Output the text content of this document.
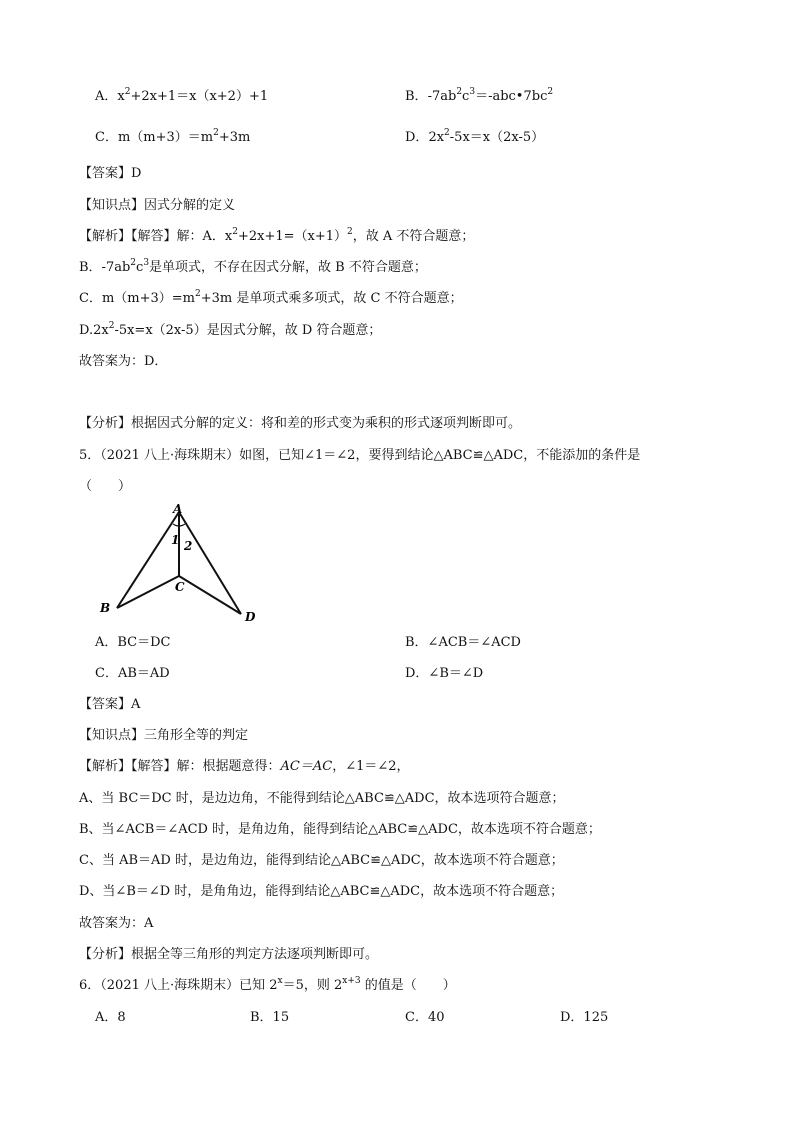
A．$x^2+2x+1=x(x+2)+1$	B．$-7ab^2c^3=-abc•7bc^2$
C．$m(m+3)=m^2+3m$	D．$2x^2-5x=x(2x-5)$
【答案】D
【知识点】因式分解的定义
【解析】【解答】解：A．$x^2+2x+1=(x+1)^2$，故 A 不符合题意；
B．$-7ab^2c^3$是单项式，不存在因式分解，故 B 不符合题意；
C．$m(m+3)=m^2+3m$ 是单项式乘多项式，故 C 不符合题意；
$D.2x^2-5x=x(2x-5)$是因式分解，故 D 符合题意；
故答案为：D．
【分析】根据因式分解的定义：将和差的形式变为乘积的形式逐项判断即可。
5．（2021 八上·海珠期末）如图，已知∠1＝∠2，要得到结论△ABC≌△ADC，不能添加的条件是
（　　）
A
1 2
C
B
D
A．BC＝DC	B．∠ACB＝∠ACD
C．AB＝AD	D．∠B＝∠D
【答案】A
【知识点】三角形全等的判定
【解析】【解答】解：根据题意得：AC＝AC，∠1＝∠2，
A、当 BC＝DC 时，是边边角，不能得到结论△ABC≌△ADC，故本选项符合题意；
B、当∠ACB＝∠ACD 时，是角边角，能得到结论△ABC≌△ADC，故本选项不符合题意；
C、当 AB＝AD 时，是边角边，能得到结论△ABC≌△ADC，故本选项不符合题意；
D、当∠B＝∠D 时，是角角边，能得到结论△ABC≌△ADC，故本选项不符合题意；
故答案为：A
【分析】根据全等三角形的判定方法逐项判断即可。
6．（2021 八上·海珠期末）已知 $2^x=5$，则 $2^{x+3}$ 的值是（　　）
A．8	B．15	C．40	D．125
